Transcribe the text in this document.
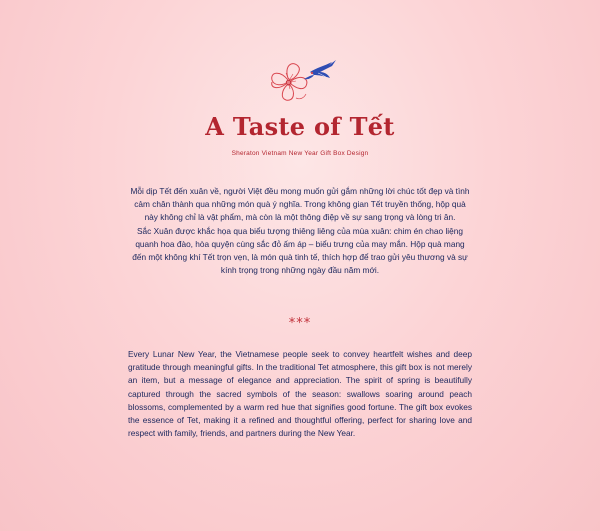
A Taste of Tết
Sheraton Vietnam New Year Gift Box Design

Mỗi dịp Tết đến xuân về, người Việt đều mong muốn gửi gắm những lời chúc tốt đẹp và tình cảm chân thành qua những món quà ý nghĩa. Trong không gian Tết truyền thống, hộp quà này không chỉ là vật phẩm, mà còn là một thông điệp về sự sang trọng và lòng tri ân.

Sắc Xuân được khắc họa qua biểu tượng thiêng liêng của mùa xuân: chim én chao liệng quanh hoa đào, hòa quyện cùng sắc đỏ ấm áp – biểu trưng của may mắn. Hộp quà mang đến một không khí Tết trọn vẹn, là món quà tinh tế, thích hợp để trao gửi yêu thương và sự kính trọng trong những ngày đầu năm mới.

***
Every Lunar New Year, the Vietnamese people seek to convey heartfelt wishes and deep gratitude through meaningful gifts. In the traditional Tet atmosphere, this gift box is not merely an item, but a message of elegance and appreciation. The spirit of spring is beautifully captured through the sacred symbols of the season: swallows soaring around peach blossoms, complemented by a warm red hue that signifies good fortune. The gift box evokes the essence of Tet, making it a refined and thoughtful offering, perfect for sharing love and respect with family, friends, and partners during the New Year.
